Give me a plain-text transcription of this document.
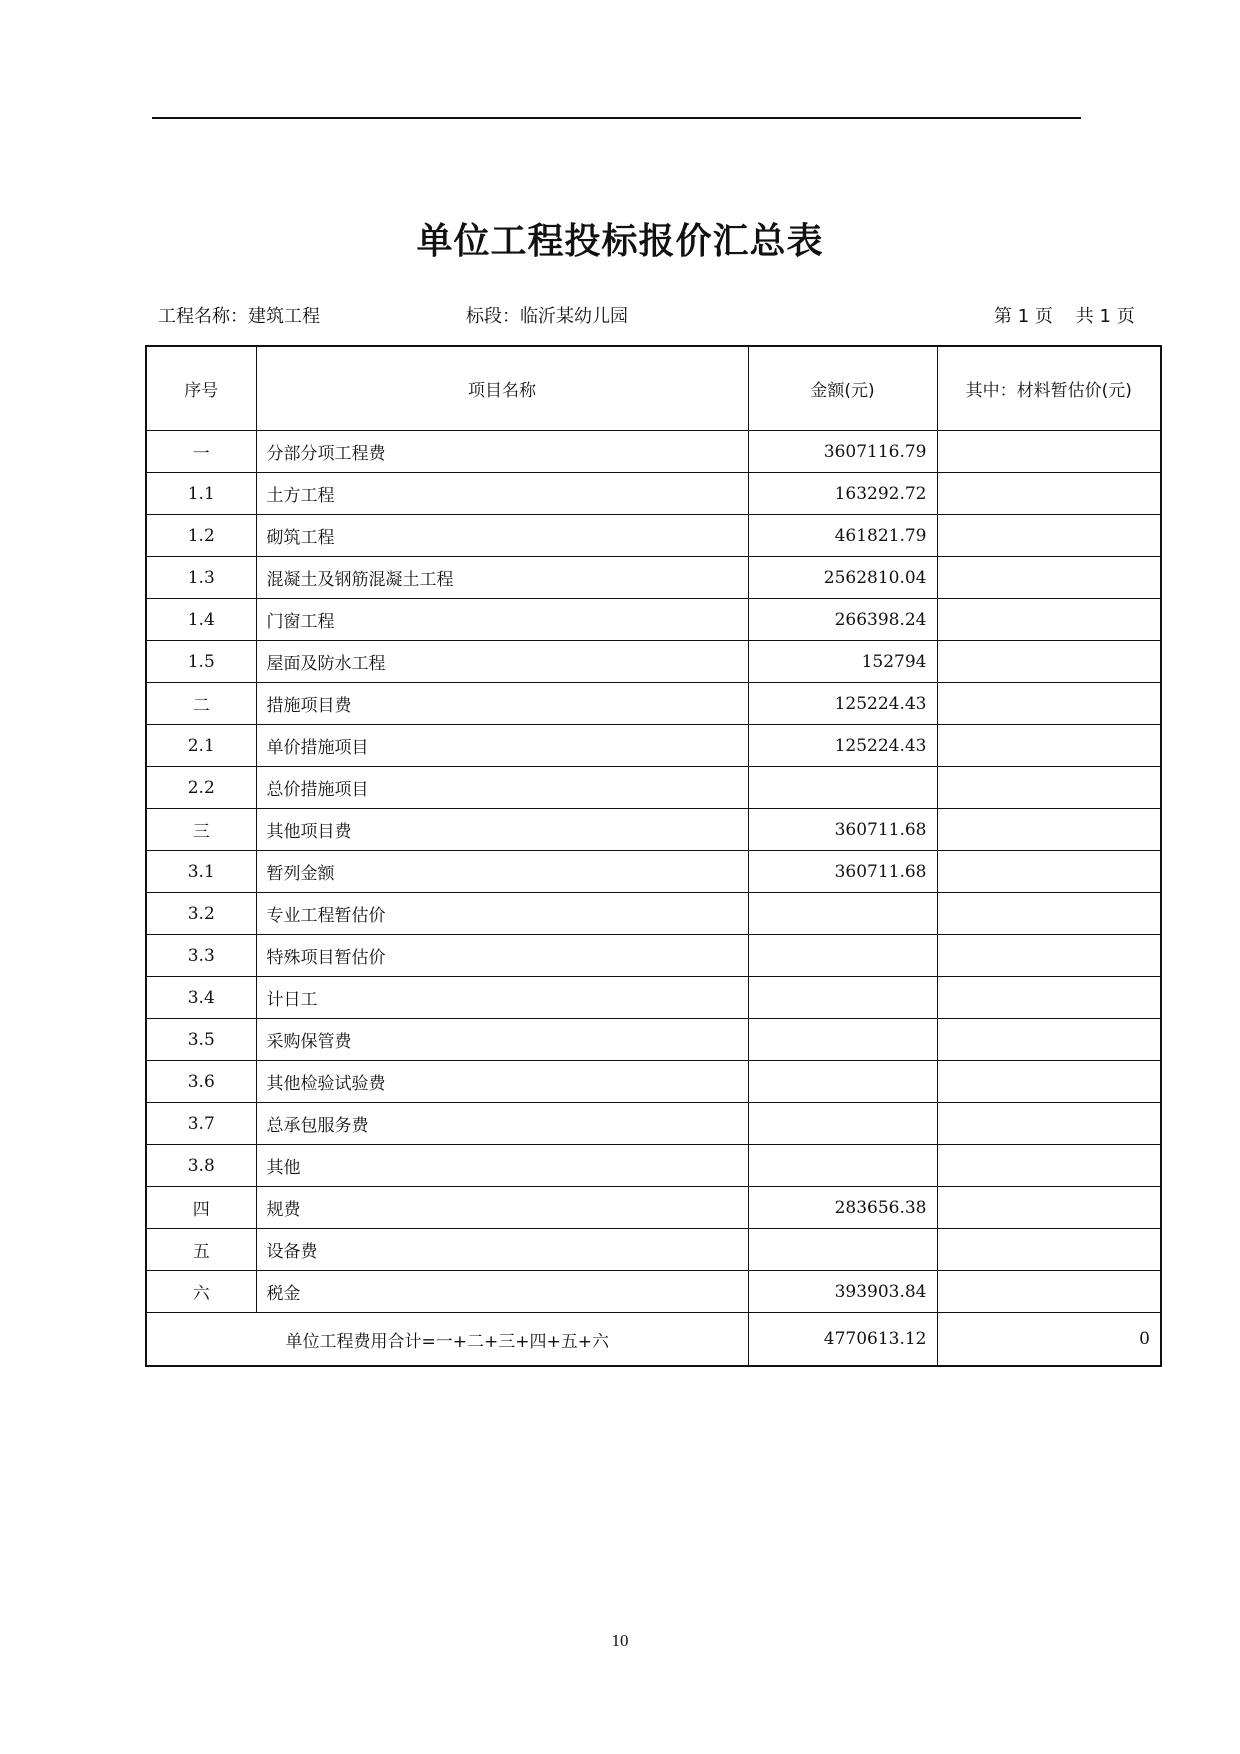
单位工程投标报价汇总表
工程名称：建筑工程	标段：临沂某幼儿园	第 1 页 共 1 页
序号	项目名称	金额(元)	其中：材料暂估价(元)
一	分部分项工程费	3607116.79	
1.1	土方工程	163292.72	
1.2	砌筑工程	461821.79	
1.3	混凝土及钢筋混凝土工程	2562810.04	
1.4	门窗工程	266398.24	
1.5	屋面及防水工程	152794	
二	措施项目费	125224.43	
2.1	单价措施项目	125224.43	
2.2	总价措施项目		
三	其他项目费	360711.68	
3.1	暂列金额	360711.68	
3.2	专业工程暂估价		
3.3	特殊项目暂估价		
3.4	计日工		
3.5	采购保管费		
3.6	其他检验试验费		
3.7	总承包服务费		
3.8	其他		
四	规费	283656.38	
五	设备费		
六	税金	393903.84	
单位工程费用合计=一+二+三+四+五+六		4770613.12	0
10
